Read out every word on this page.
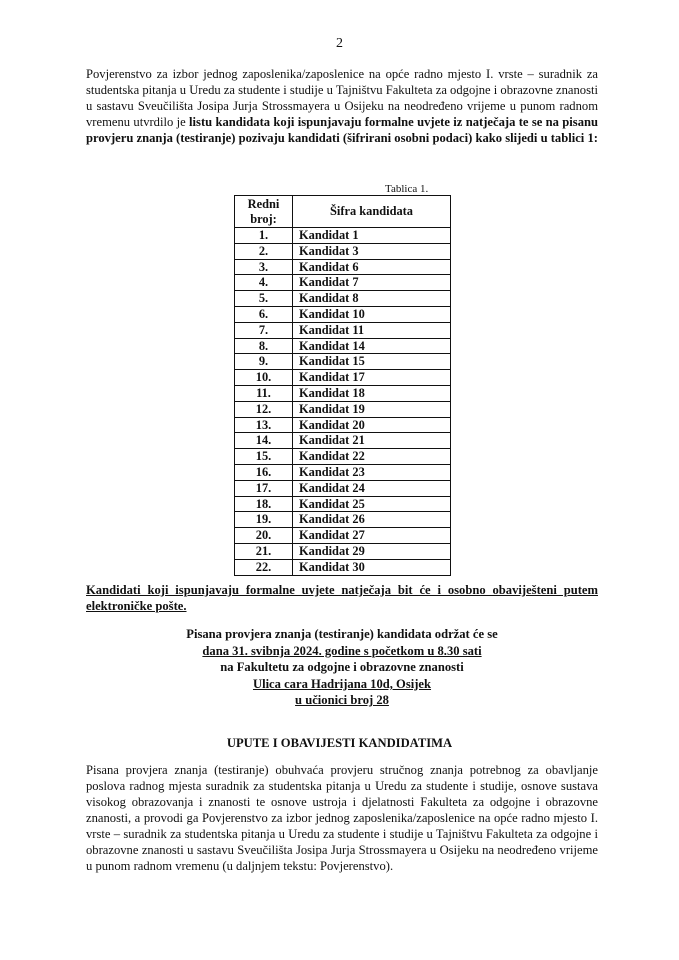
2

Povjerenstvo za izbor jednog zaposlenika/zaposlenice na opće radno mjesto I. vrste – suradnik za studentska pitanja u Uredu za studente i studije u Tajništvu Fakulteta za odgojne i obrazovne znanosti u sastavu Sveučilišta Josipa Jurja Strossmayera u Osijeku na neodređeno vrijeme u punom radnom vremenu utvrdilo je listu kandidata koji ispunjavaju formalne uvjete iz natječaja te se na pisanu provjeru znanja (testiranje) pozivaju kandidati (šifrirani osobni podaci) kako slijedi u tablici 1:

Tablica 1.
Redni broj:	Šifra kandidata
1.	Kandidat 1
2.	Kandidat 3
3.	Kandidat 6
4.	Kandidat 7
5.	Kandidat 8
6.	Kandidat 10
7.	Kandidat 11
8.	Kandidat 14
9.	Kandidat 15
10.	Kandidat 17
11.	Kandidat 18
12.	Kandidat 19
13.	Kandidat 20
14.	Kandidat 21
15.	Kandidat 22
16.	Kandidat 23
17.	Kandidat 24
18.	Kandidat 25
19.	Kandidat 26
20.	Kandidat 27
21.	Kandidat 29
22.	Kandidat 30

Kandidati koji ispunjavaju formalne uvjete natječaja bit će i osobno obaviješteni putem elektroničke pošte.

Pisana provjera znanja (testiranje) kandidata održat će se
dana 31. svibnja 2024. godine s početkom u 8.30 sati
na Fakultetu za odgojne i obrazovne znanosti
Ulica cara Hadrijana 10d, Osijek
u učionici broj 28
UPUTE I OBAVIJESTI KANDIDATIMA

Pisana provjera znanja (testiranje) obuhvaća provjeru stručnog znanja potrebnog za obavljanje poslova radnog mjesta suradnik za studentska pitanja u Uredu za studente i studije, osnove sustava visokog obrazovanja i znanosti te osnove ustroja i djelatnosti Fakulteta za odgojne i obrazovne znanosti, a provodi ga Povjerenstvo za izbor jednog zaposlenika/zaposlenice na opće radno mjesto I. vrste – suradnik za studentska pitanja u Uredu za studente i studije u Tajništvu Fakulteta za odgojne i obrazovne znanosti u sastavu Sveučilišta Josipa Jurja Strossmayera u Osijeku na neodređeno vrijeme u punom radnom vremenu (u daljnjem tekstu: Povjerenstvo).
